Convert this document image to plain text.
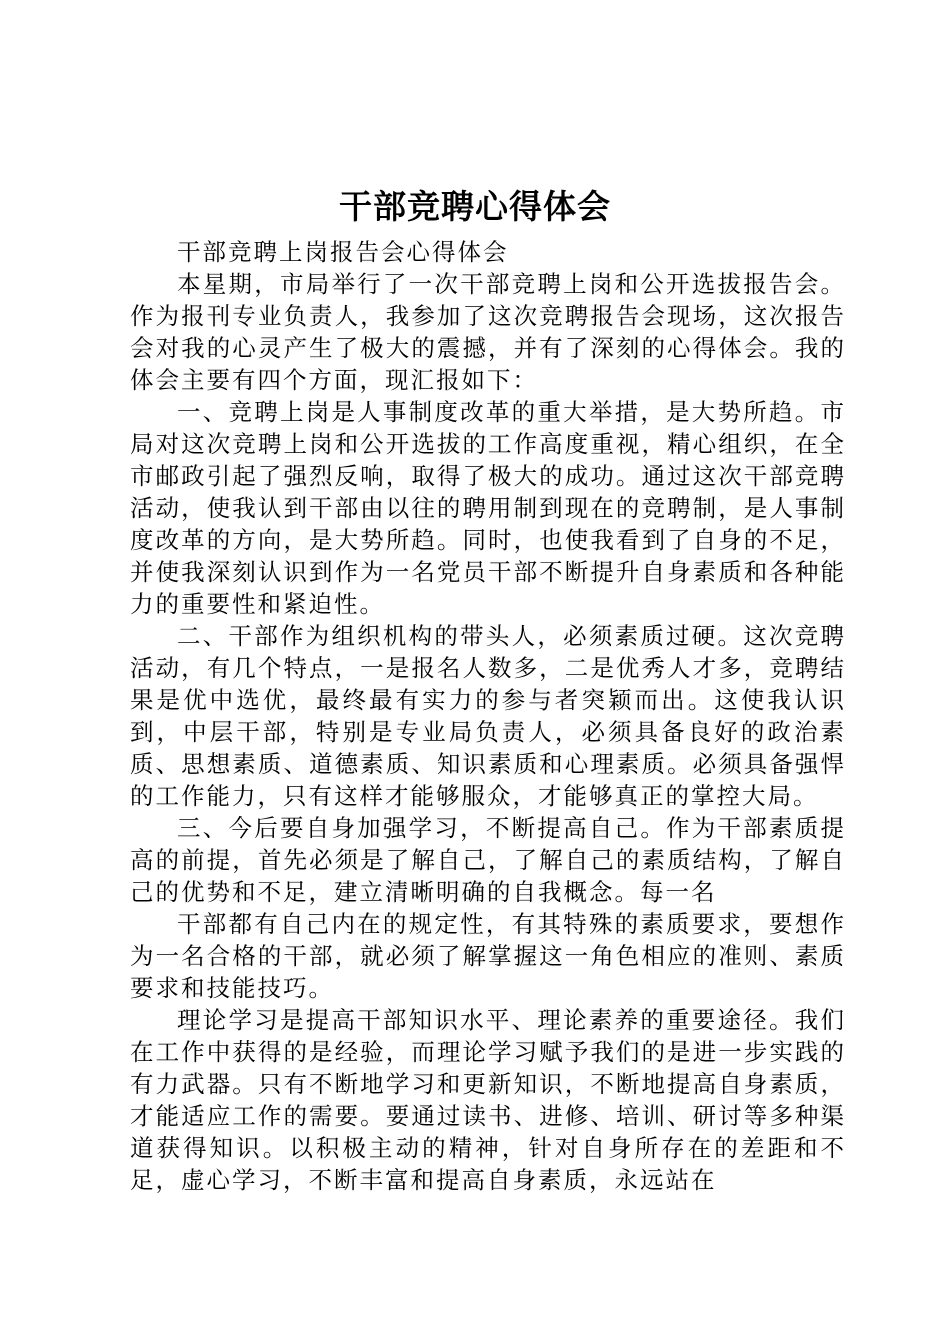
干部竞聘心得体会

干部竞聘上岗报告会心得体会

本星期，市局举行了一次干部竞聘上岗和公开选拔报告会。作为报刊专业负责人，我参加了这次竞聘报告会现场，这次报告会对我的心灵产生了极大的震撼，并有了深刻的心得体会。我的体会主要有四个方面，现汇报如下：

一、竞聘上岗是人事制度改革的重大举措，是大势所趋。市局对这次竞聘上岗和公开选拔的工作高度重视，精心组织，在全市邮政引起了强烈反响，取得了极大的成功。通过这次干部竞聘活动，使我认到干部由以往的聘用制到现在的竞聘制，是人事制度改革的方向，是大势所趋。同时，也使我看到了自身的不足，并使我深刻认识到作为一名党员干部不断提升自身素质和各种能力的重要性和紧迫性。

二、干部作为组织机构的带头人，必须素质过硬。这次竞聘活动，有几个特点，一是报名人数多，二是优秀人才多，竞聘结果是优中选优，最终最有实力的参与者突颖而出。这使我认识到，中层干部，特别是专业局负责人，必须具备良好的政治素质、思想素质、道德素质、知识素质和心理素质。必须具备强悍的工作能力，只有这样才能够服众，才能够真正的掌控大局。

三、今后要自身加强学习，不断提高自己。作为干部素质提高的前提，首先必须是了解自己，了解自己的素质结构，了解自己的优势和不足，建立清晰明确的自我概念。每一名

干部都有自己内在的规定性，有其特殊的素质要求，要想作为一名合格的干部，就必须了解掌握这一角色相应的准则、素质要求和技能技巧。

理论学习是提高干部知识水平、理论素养的重要途径。我们在工作中获得的是经验，而理论学习赋予我们的是进一步实践的有力武器。只有不断地学习和更新知识，不断地提高自身素质，才能适应工作的需要。要通过读书、进修、培训、研讨等多种渠道获得知识。以积极主动的精神，针对自身所存在的差距和不足，虚心学习，不断丰富和提高自身素质，永远站在
